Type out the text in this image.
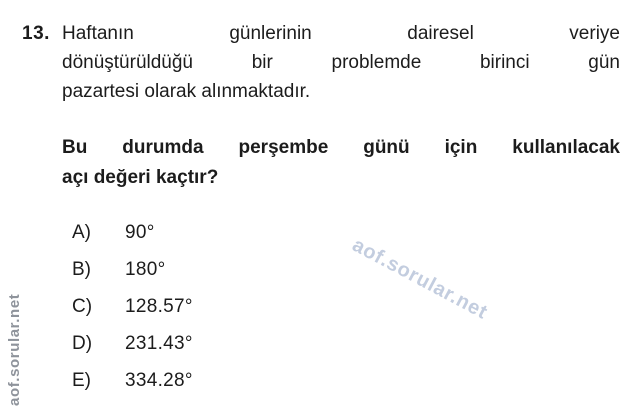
13. Haftanın günlerinin dairesel veriye
dönüştürüldüğü bir problemde birinci gün
pazartesi olarak alınmaktadır.
Bu durumda perşembe günü için kullanılacak
açı değeri kaçtır?
A)	90°
B)	180°
C)	128.57°
D)	231.43°
E)	334.28°
aof.sorular.net
aof.sorular.net
